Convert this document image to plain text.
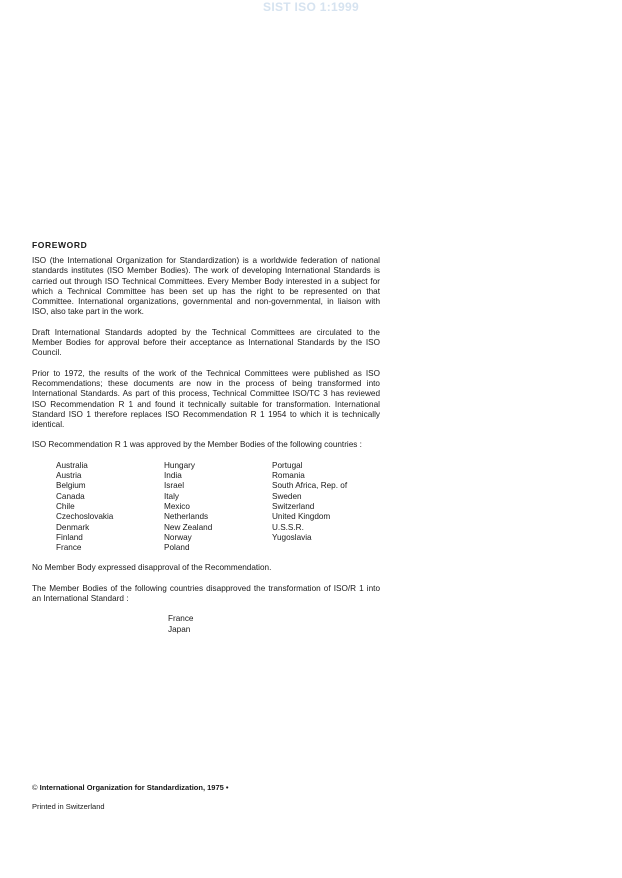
SIST ISO 1:1999
FOREWORD

ISO (the International Organization for Standardization) is a worldwide federation of national standards institutes (ISO Member Bodies). The work of developing International Standards is carried out through ISO Technical Committees. Every Member Body interested in a subject for which a Technical Committee has been set up has the right to be represented on that Committee. International organizations, governmental and non-governmental, in liaison with ISO, also take part in the work.

Draft International Standards adopted by the Technical Committees are circulated to the Member Bodies for approval before their acceptance as International Standards by the ISO Council.

Prior to 1972, the results of the work of the Technical Committees were published as ISO Recommendations; these documents are now in the process of being transformed into International Standards. As part of this process, Technical Committee ISO/TC 3 has reviewed ISO Recommendation R 1 and found it technically suitable for transformation. International Standard ISO 1 therefore replaces ISO Recommendation R 1 1954 to which it is technically identical.

ISO Recommendation R 1 was approved by the Member Bodies of the following countries :

Australia
Austria
Belgium
Canada
Chile
Czechoslovakia
Denmark
Finland
France
Hungary
India
Israel
Italy
Mexico
Netherlands
New Zealand
Norway
Poland
Portugal
Romania
South Africa, Rep. of
Sweden
Switzerland
United Kingdom
U.S.S.R.
Yugoslavia

No Member Body expressed disapproval of the Recommendation.

The Member Bodies of the following countries disapproved the transformation of ISO/R 1 into an International Standard :

France
Japan
© International Organization for Standardization, 1975 •
Printed in Switzerland
